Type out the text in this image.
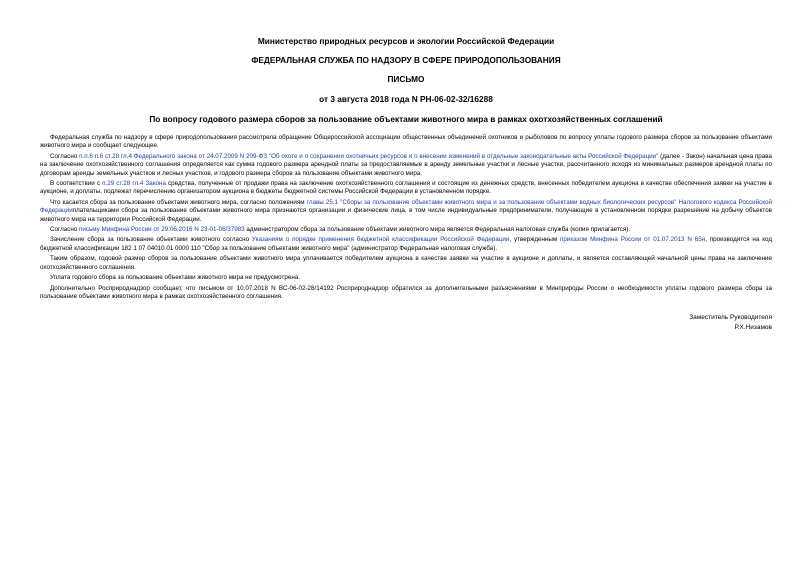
Министерство природных ресурсов и экологии Российской Федерации
ФЕДЕРАЛЬНАЯ СЛУЖБА ПО НАДЗОРУ В СФЕРЕ ПРИРОДОПОЛЬЗОВАНИЯ
ПИСЬМО
от 3 августа 2018 года N РН-06-02-32/16288
По вопросу годового размера сборов за пользование объектами животного мира в рамках охотхозяйственных соглашений

Федеральная служба по надзору в сфере природопользования рассмотрела обращение Общероссийской ассоциации общественных объединений охотников и рыболовов по вопросу уплаты годового размера сборов за пользование объектами животного мира и сообщает следующее.

Согласно п.п.6 п.6 ст.28 гл.4 Федерального закона от 24.07.2009 N 209-ФЗ "Об охоте и о сохранении охотничьих ресурсов и о внесении изменений в отдельные законодательные акты Российской Федерации" (далее - Закон) начальная цена права на заключение охотхозяйственного соглашения определяется как сумма годового размера арендной платы за предоставляемые в аренду земельные участки и лесные участки, рассчитанного исходя из минимальных размеров арендной платы по договорам аренды земельных участков и лесных участков, и годового размера сборов за пользование объектами животного мира.

В соответствии с п.29 ст.28 гл.4 Закона средства, полученные от продажи права на заключение охотхозяйственного соглашения и состоящие из денежных средств, внесенных победителем аукциона в качестве обеспечения заявки на участие в аукционе, и доплаты, подлежат перечислению организатором аукциона в бюджеты бюджетной системы Российской Федерации в установленном порядке.

Что касается сбора за пользование объектами животного мира, согласно положениям главы 25.1 "Сборы за пользование объектами животного мира и за пользование объектами водных биологических ресурсов" Налогового кодекса Российской Федерацииплательщиками сбора за пользование объектами животного мира признаются организации и физические лица, в том числе индивидуальные предприниматели, получающие в установленном порядке разрешение на добычу объектов животного мира на территории Российской Федерации.

Согласно письму Минфина России от 29.06.2016 N 23-01-06/37983 администратором сбора за пользование объектами животного мира является Федеральная налоговая служба (копия прилагается).

Зачисление сбора за пользование объектами животного согласно Указаниям о порядке применения бюджетной классификации Российской Федерации, утвержденным приказом Минфина России от 01.07.2013 N 65н, производится на код бюджетной классификации 182 1 07 04010 01 0000 110 "Сбор за пользование объектами животного мира" (администратор Федеральная налоговая служба).

Таким образом, годовой размер сборов за пользование объектами животного мира уплачивается победителем аукциона в качестве заявки на участие в аукционе и доплаты, и является составляющей начальной цены права на заключение охотхозяйственного соглашения.

Уплата годового сбора за пользование объектами животного мира не предусмотрена.

Дополнительно Росприроднадзор сообщает, что письмом от 10.07.2018 N ВС-06-02-28/14192 Росприроднадзор обратился за дополнительными разъяснениями в Минприроды России о необходимости уплаты годового размера сбора за пользование объектами животного мира в рамках охотхозяйственного соглашения.

Заместитель Руководителя
Р.Х.Низамов
